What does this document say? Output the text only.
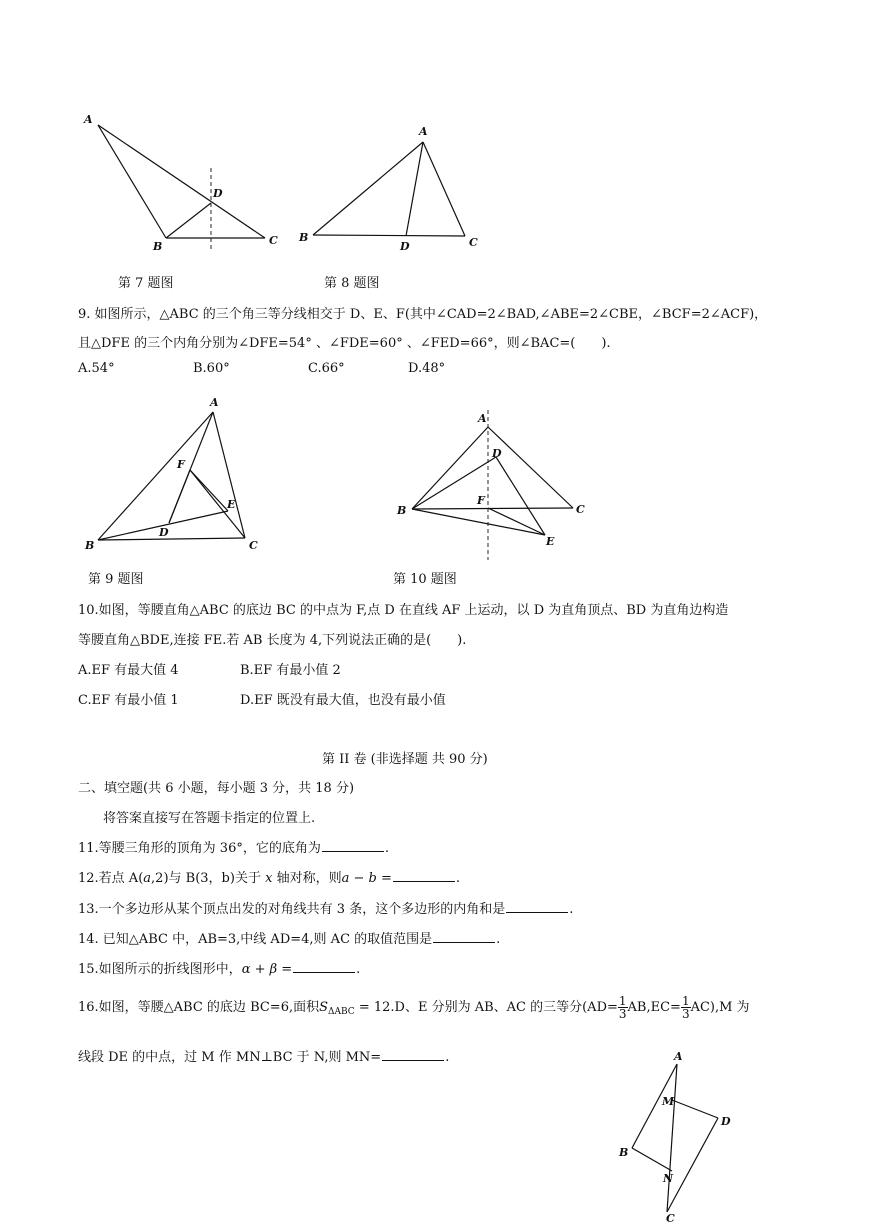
A
D
B	C
第 7 题图
A
B
D	C
第 8 题图
9. 如图所示，△ABC 的三个角三等分线相交于 D、E、F(其中∠CAD=2∠BAD,∠ABE=2∠CBE，∠BCF=2∠ACF)，
且△DFE 的三个内角分别为∠DFE=54° 、∠FDE=60° 、∠FED=66°，则∠BAC=(　　).
A.54°	B.60°	C.66°	D.48°
A
F
E
D
B	C
第 9 题图
A
D
F
B	C
E
第 10 题图
10.如图，等腰直角△ABC 的底边 BC 的中点为 F,点 D 在直线 AF 上运动，以 D 为直角顶点、BD 为直角边构造
等腰直角△BDE,连接 FE.若 AB 长度为 4,下列说法正确的是(　　).
A.EF 有最大值 4	B.EF 有最小值 2
C.EF 有最小值 1	D.EF 既没有最大值，也没有最小值
第 II 卷 (非选择题 共 90 分)
二、填空题(共 6 小题，每小题 3 分，共 18 分)
将答案直接写在答题卡指定的位置上.
11.等腰三角形的顶角为 36°，它的底角为	.
12.若点 A(a,2)与 B(3，b)关于 x 轴对称，则a − b =	.
13.一个多边形从某个顶点出发的对角线共有 3 条，这个多边形的内角和是	.
14. 已知△ABC 中，AB=3,中线 AD=4,则 AC 的取值范围是	.
15.如图所示的折线图形中，α + β =	.
16.如图，等腰△ABC 的底边 BC=6,面积$S_{\Delta ABC} = 12.D$、E 分别为 AB、AC 的三等分$(AD= \frac{1}{3} AB,EC= \frac{1}{3} AC),M$ 为
线段 DE 的中点，过 M 作 MN⊥BC 于 N,则 MN=	.	A
M
D
B
N
C
